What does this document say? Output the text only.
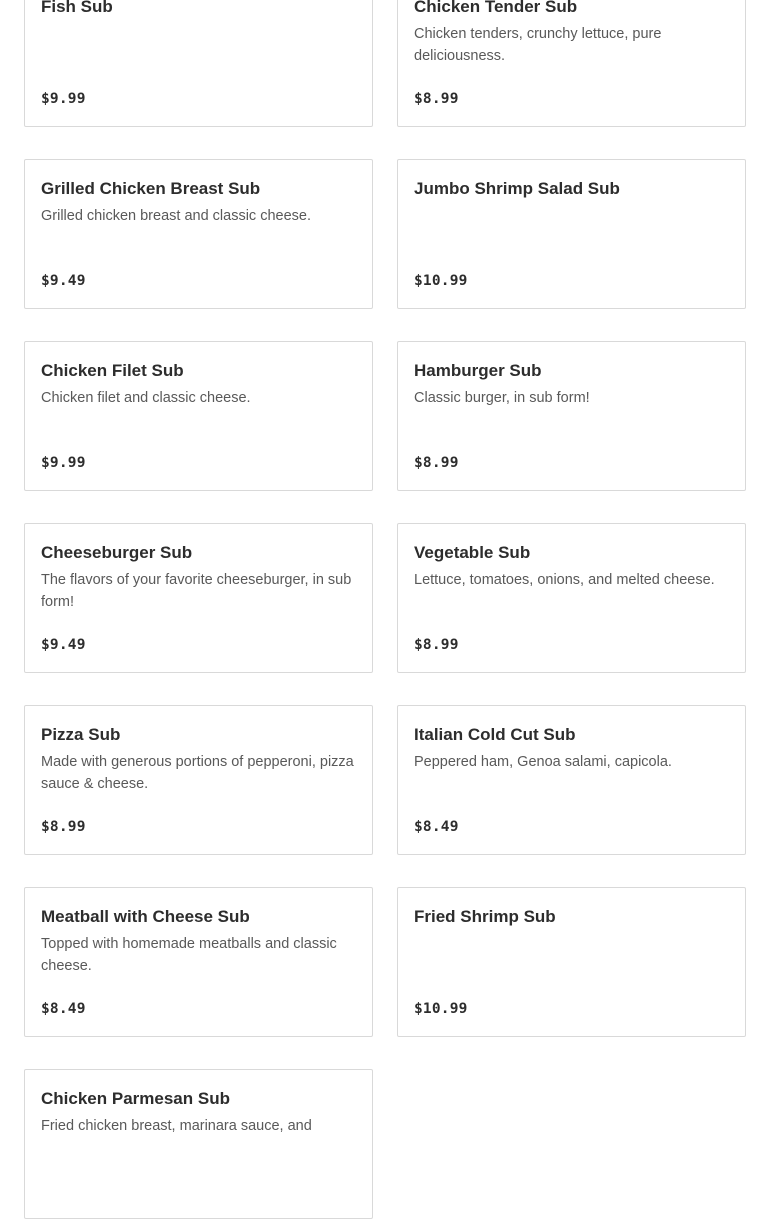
Fish Sub
$9.99
Chicken Tender Sub
Chicken tenders, crunchy lettuce, pure deliciousness.
$8.99
Grilled Chicken Breast Sub
Grilled chicken breast and classic cheese.
$9.49
Jumbo Shrimp Salad Sub
$10.99
Chicken Filet Sub
Chicken filet and classic cheese.
$9.99
Hamburger Sub
Classic burger, in sub form!
$8.99
Cheeseburger Sub
The flavors of your favorite cheeseburger, in sub form!
$9.49
Vegetable Sub
Lettuce, tomatoes, onions, and melted cheese.
$8.99
Pizza Sub
Made with generous portions of pepperoni, pizza sauce & cheese.
$8.99
Italian Cold Cut Sub
Peppered ham, Genoa salami, capicola.
$8.49
Meatball with Cheese Sub
Topped with homemade meatballs and classic cheese.
$8.49
Fried Shrimp Sub
$10.99
Chicken Parmesan Sub
Fried chicken breast, marinara sauce, and
